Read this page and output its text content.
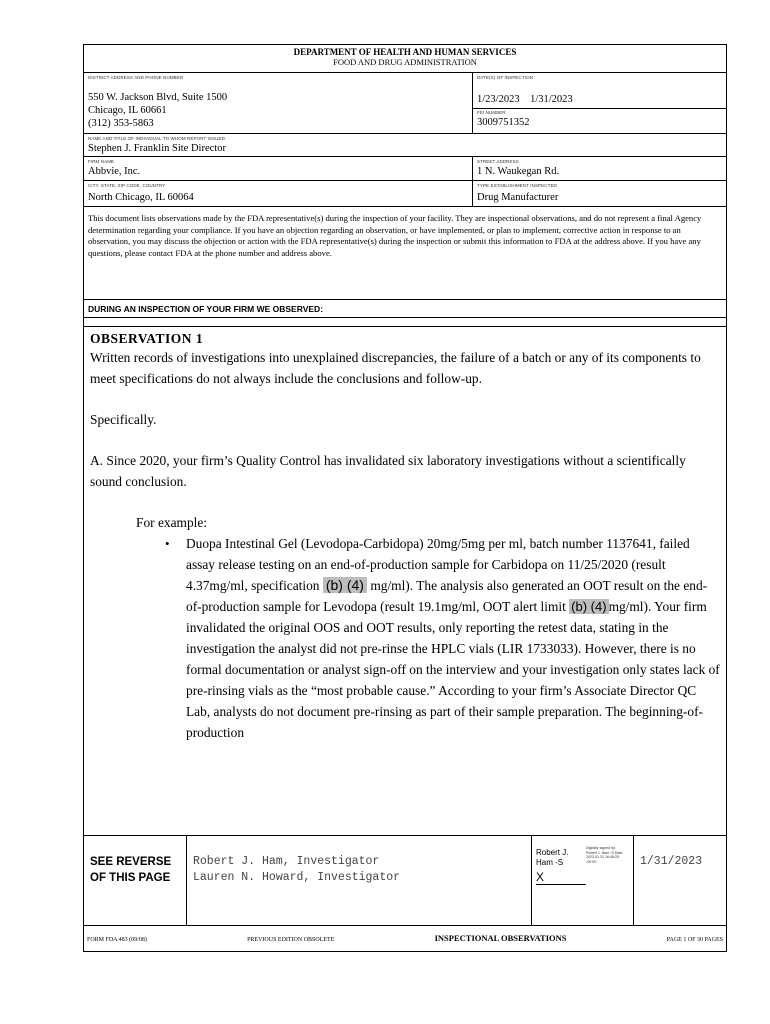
DEPARTMENT OF HEALTH AND HUMAN SERVICES
FOOD AND DRUG ADMINISTRATION
DISTRICT ADDRESS AND PHONE NUMBER
550 W. Jackson Blvd, Suite 1500
Chicago, IL 60661
(312) 353-5863
DATE(S) OF INSPECTION
1/23/2023    1/31/2023
FEI NUMBER
3009751352
NAME AND TITLE OF INDIVIDUAL TO WHOM REPORT ISSUED
Stephen J. Franklin Site Director
FIRM NAME
Abbvie, Inc.
STREET ADDRESS
1 N. Waukegan Rd.
CITY, STATE, ZIP CODE, COUNTRY
North Chicago, IL 60064
TYPE ESTABLISHMENT INSPECTED
Drug Manufacturer
This document lists observations made by the FDA representative(s) during the inspection of your facility. They are inspectional observations, and do not represent a final Agency determination regarding your compliance. If you have an objection regarding an observation, or have implemented, or plan to implement, corrective action in response to an observation, you may discuss the objection or action with the FDA representative(s) during the inspection or submit this information to FDA at the address above. If you have any questions, please contact FDA at the phone number and address above.
DURING AN INSPECTION OF YOUR FIRM WE OBSERVED:
OBSERVATION 1

Written records of investigations into unexplained discrepancies, the failure of a batch or any of its components to meet specifications do not always include the conclusions and follow-up.

Specifically.

A. Since 2020, your firm’s Quality Control has invalidated six laboratory investigations without a scientifically sound conclusion.

For example:

• Duopa Intestinal Gel (Levodopa-Carbidopa) 20mg/5mg per ml, batch number 1137641, failed assay release testing on an end-of-production sample for Carbidopa on 11/25/2020 (result 4.37mg/ml, specification (b) (4) mg/ml). The analysis also generated an OOT result on the end-of-production sample for Levodopa (result 19.1mg/ml, OOT alert limit (b) (4) mg/ml). Your firm invalidated the original OOS and OOT results, only reporting the retest data, stating in the investigation the analyst did not pre-rinse the HPLC vials (LIR 1733033). However, there is no formal documentation or analyst sign-off on the interview and your investigation only states lack of pre-rinsing vials as the “most probable cause.” According to your firm’s Associate Director QC Lab, analysts do not document pre-rinsing as part of their sample preparation. The beginning-of-production
SEE REVERSE OF THIS PAGE
Robert J. Ham, Investigator
Lauren N. Howard, Investigator
Robert J. Ham -S
Digitally signed by Robert J. Ham -S Date: 2023.01.31 16:48:25 -06'00'
X
1/31/2023
FORM FDA 483 (09/08)	PREVIOUS EDITION OBSOLETE	INSPECTIONAL OBSERVATIONS	PAGE 1 OF 30 PAGES
